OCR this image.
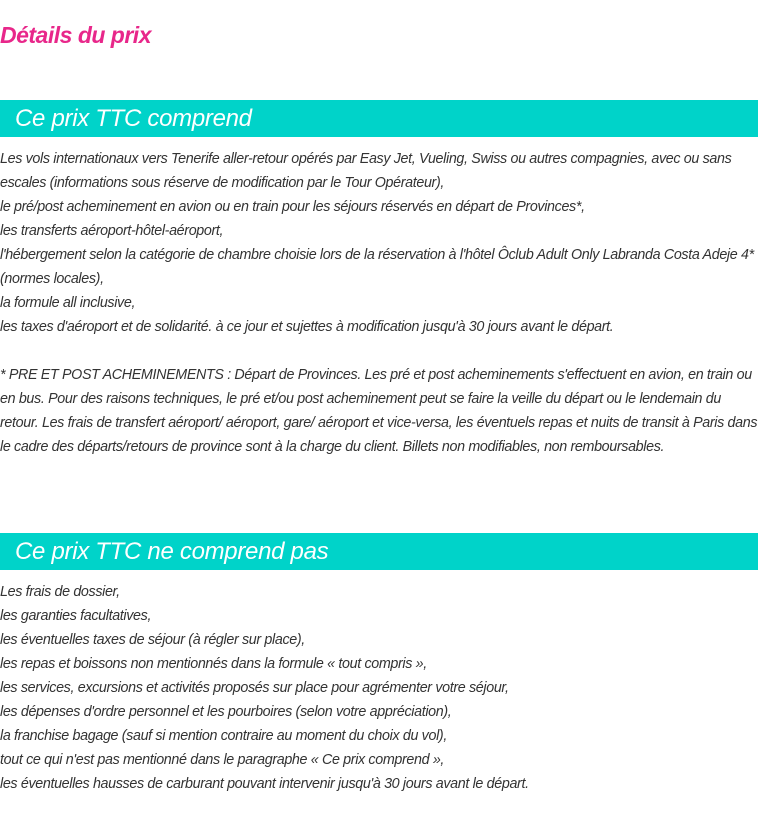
Détails du prix
Ce prix TTC comprend

Les vols internationaux vers Tenerife aller-retour opérés par Easy Jet, Vueling, Swiss ou autres compagnies, avec ou sans escales (informations sous réserve de modification par le Tour Opérateur),

le pré/post acheminement en avion ou en train pour les séjours réservés en départ de Provinces*,

les transferts aéroport-hôtel-aéroport,

l'hébergement selon la catégorie de chambre choisie lors de la réservation à l'hôtel Ôclub Adult Only Labranda Costa Adeje 4* (normes locales),

la formule all inclusive,

les taxes d'aéroport et de solidarité. à ce jour et sujettes à modification jusqu'à 30 jours avant le départ.

* PRE ET POST ACHEMINEMENTS : Départ de Provinces. Les pré et post acheminements s'effectuent en avion, en train ou en bus. Pour des raisons techniques, le pré et/ou post acheminement peut se faire la veille du départ ou le lendemain du retour. Les frais de transfert aéroport/ aéroport, gare/ aéroport et vice-versa, les éventuels repas et nuits de transit à Paris dans le cadre des départs/retours de province sont à la charge du client. Billets non modifiables, non remboursables.

Ce prix TTC ne comprend pas

Les frais de dossier,

les garanties facultatives,

les éventuelles taxes de séjour (à régler sur place),

les repas et boissons non mentionnés dans la formule « tout compris »,

les services, excursions et activités proposés sur place pour agrémenter votre séjour,

les dépenses d'ordre personnel et les pourboires (selon votre appréciation),

la franchise bagage (sauf si mention contraire au moment du choix du vol),

tout ce qui n'est pas mentionné dans le paragraphe « Ce prix comprend »,

les éventuelles hausses de carburant pouvant intervenir jusqu'à 30 jours avant le départ.
